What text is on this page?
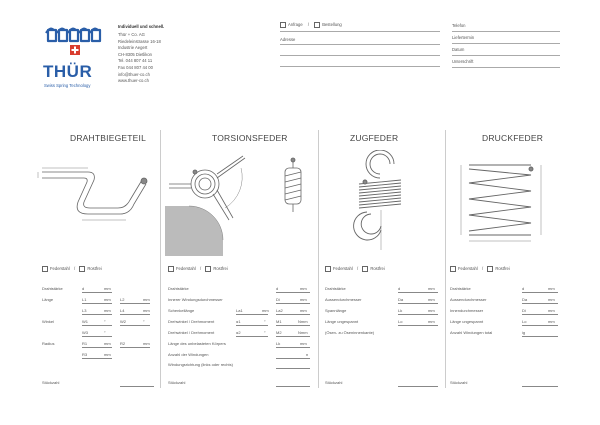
THÜR
Swiss Spring Technology
Individuell und schnell.
Thür + Co. AG
Riedeleinstrasse 16-18
Industrie Aegert
CH-8305 Dietlikon
Tel. 044 807 44 11
Fax 044 807 44 00
info@thuer-co.ch
www.thuer-co.ch
Anfrage /	Bestellung
Adresse
Telefon
Liefertermin
Datum
Unterschrift
DRAHTBIEGETEIL	TORSIONSFEDER	ZUGFEDER	DRUCKFEDER
Federstahl /	Rostfrei	Federstahl /	Rostfrei	Federstahl /	Rostfrei	Federstahl /	Rostfrei
Drahtstärke	d	mm
Länge	L1	mm L2	mm
L3	mm L4	mm
Winkel	W1	°	W2	°
W3	°
Radius	R1	mm R2	mm
R3	mm
Stückzahl
Drahtstärke	d	mm
Innerer Windungsdurchmesser	Di	mm
Schenkellänge	La1	mm La2	mm
Drehwinkel / Drehmoment	α1	°	M1	Nmm
Drehwinkel / Drehmoment	α2	°	M2	Nmm
Länge des unbelasteten Körpers	Lk	mm
Anzahl der Windungen	n
Windungsrichtung (links oder rechts)
Stückzahl
Drahtstärke	d	mm
Aussendurchmesser	Da	mm
Spannlänge	Lk	mm
Länge ungespannt	Lo	mm
(Ösen- zu Öseninnenkante)
Stückzahl
Drahtstärke	d	mm
Aussendurchmesser	Da	mm
Innendurchmesser	Di	mm
Länge ungespannt	Lo	mm
Anzahl Windungen total	ig
Stückzahl
